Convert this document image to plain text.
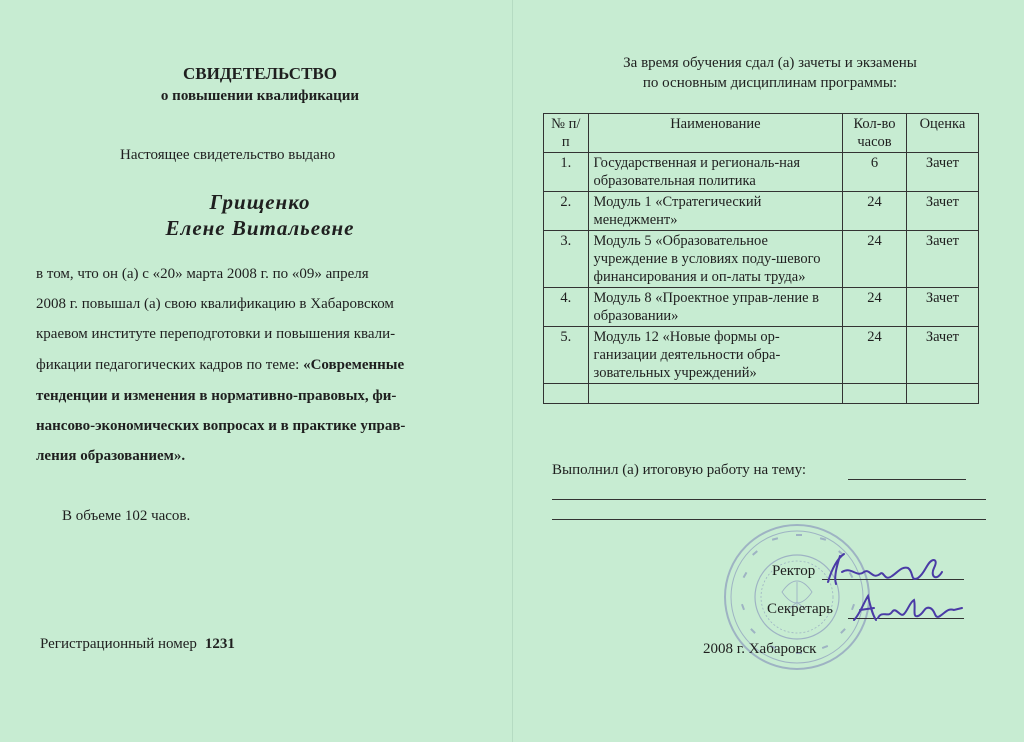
СВИДЕТЕЛЬСТВО
о повышении квалификации
Настоящее свидетельство выдано
Грищенко
Елене Витальевне
в том, что он (а) с «20» марта 2008 г. по «09» апреля
2008 г. повышал (а) свою квалификацию в Хабаровском
краевом институте переподготовки и повышения квали-
фикации педагогических кадров по теме: «Современные
тенденции и изменения в нормативно-правовых, фи-
нансово-экономических вопросах и в практике управ-
ления образованием».
В объеме 102 часов.
Регистрационный номер 1231
За время обучения сдал (а) зачеты и экзамены
по основным дисциплинам программы:
№ п/п	Наименование	Кол-во часов	Оценка
1.	Государственная и региональ-ная образовательная политика	6	Зачет
2.	Модуль 1 «Стратегический менеджмент»	24	Зачет
3.	Модуль 5 «Образовательное учреждение в условиях поду-шевого финансирования и оп-латы труда»	24	Зачет
4.	Модуль 8 «Проектное управ-ление в образовании»	24	Зачет
5.	Модуль 12 «Новые формы ор-ганизации деятельности обра-зовательных учреждений»	24	Зачет

Выполнил (а) итоговую работу на тему:
Ректор
Секретарь
2008 г. Хабаровск
